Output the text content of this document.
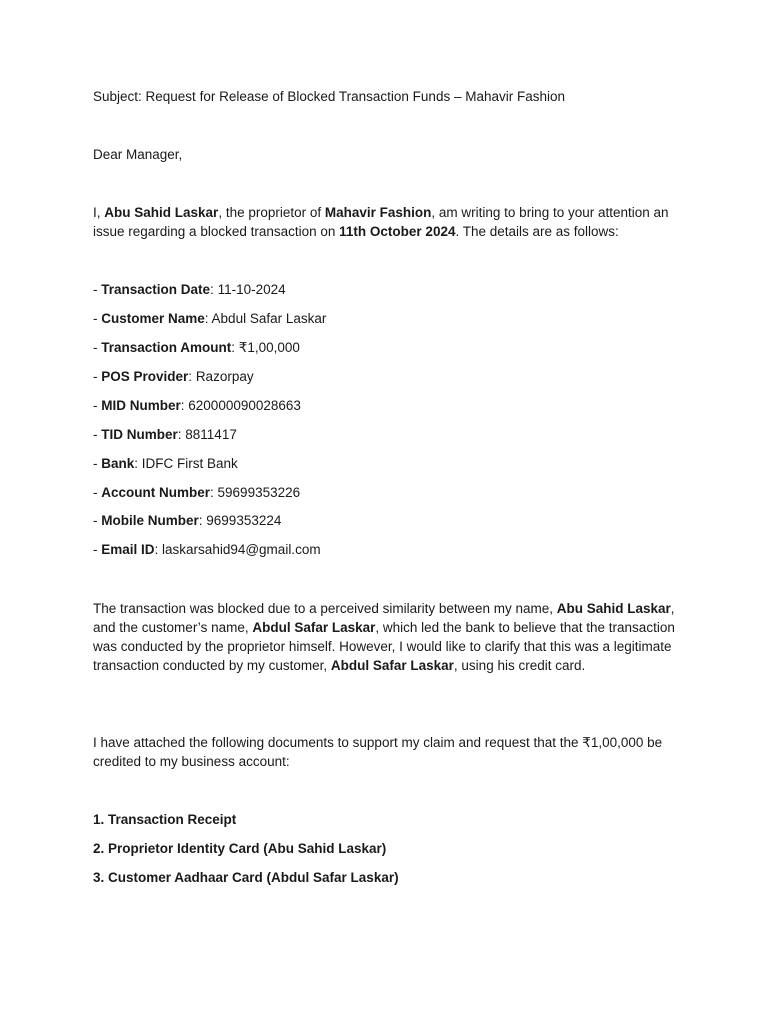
Subject: Request for Release of Blocked Transaction Funds – Mahavir Fashion
Dear Manager,
I, Abu Sahid Laskar, the proprietor of Mahavir Fashion, am writing to bring to your attention an issue regarding a blocked transaction on 11th October 2024. The details are as follows:
- Transaction Date: 11-10-2024
- Customer Name: Abdul Safar Laskar
- Transaction Amount: ₹1,00,000
- POS Provider: Razorpay
- MID Number: 620000090028663
- TID Number: 8811417
- Bank: IDFC First Bank
- Account Number: 59699353226
- Mobile Number: 9699353224
- Email ID: laskarsahid94@gmail.com
The transaction was blocked due to a perceived similarity between my name, Abu Sahid Laskar, and the customer’s name, Abdul Safar Laskar, which led the bank to believe that the transaction was conducted by the proprietor himself. However, I would like to clarify that this was a legitimate transaction conducted by my customer, Abdul Safar Laskar, using his credit card.
I have attached the following documents to support my claim and request that the ₹1,00,000 be credited to my business account:
1. Transaction Receipt
2. Proprietor Identity Card (Abu Sahid Laskar)
3. Customer Aadhaar Card (Abdul Safar Laskar)
